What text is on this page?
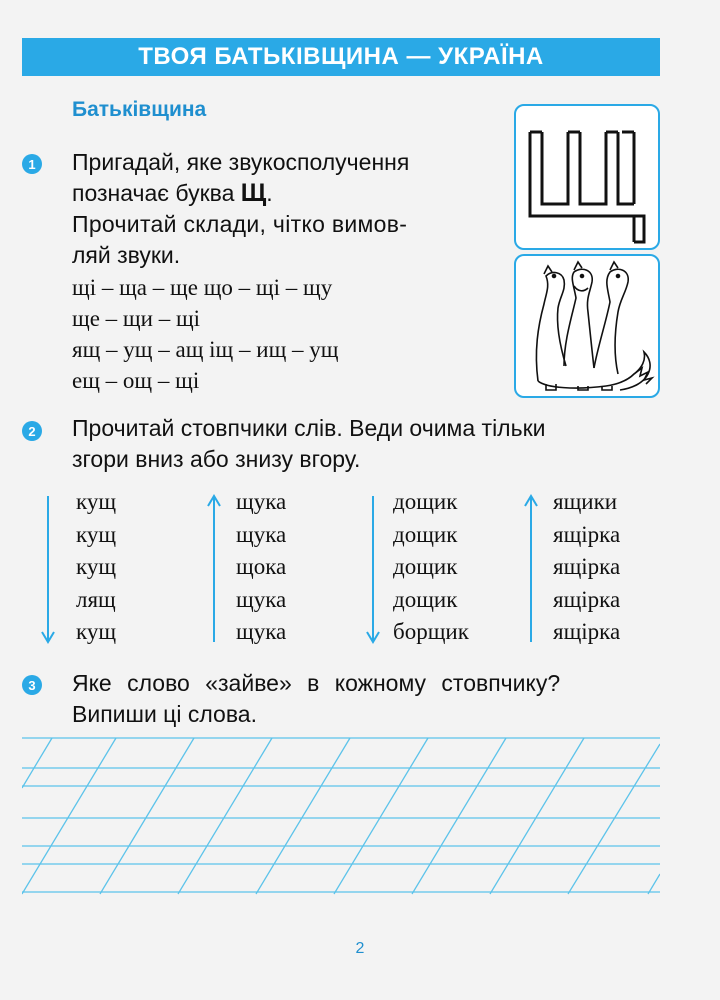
ТВОЯ БАТЬКІВЩИНА — УКРАЇНА
Батьківщина
1 Пригадай, яке звукосполучення
позначає буква Щ.
Прочитай склади, чітко вимов-
ляй звуки.
щі – ща – ще що – щі – щу
ще – щи – щі
ящ – ущ – ащ іщ – ищ – ущ
ещ – ощ – щі
2 Прочитай стовпчики слів. Веди очима тільки
згори вниз або знизу вгору.
кущ
кущ
кущ
лящ
кущ
щука
щука
щока
щука
щука
дощик
дощик
дощик
дощик
борщик
ящики
ящірка
ящірка
ящірка
ящірка
3 Яке слово «зайве» в кожному стовпчику?
Випиши ці слова.
2
